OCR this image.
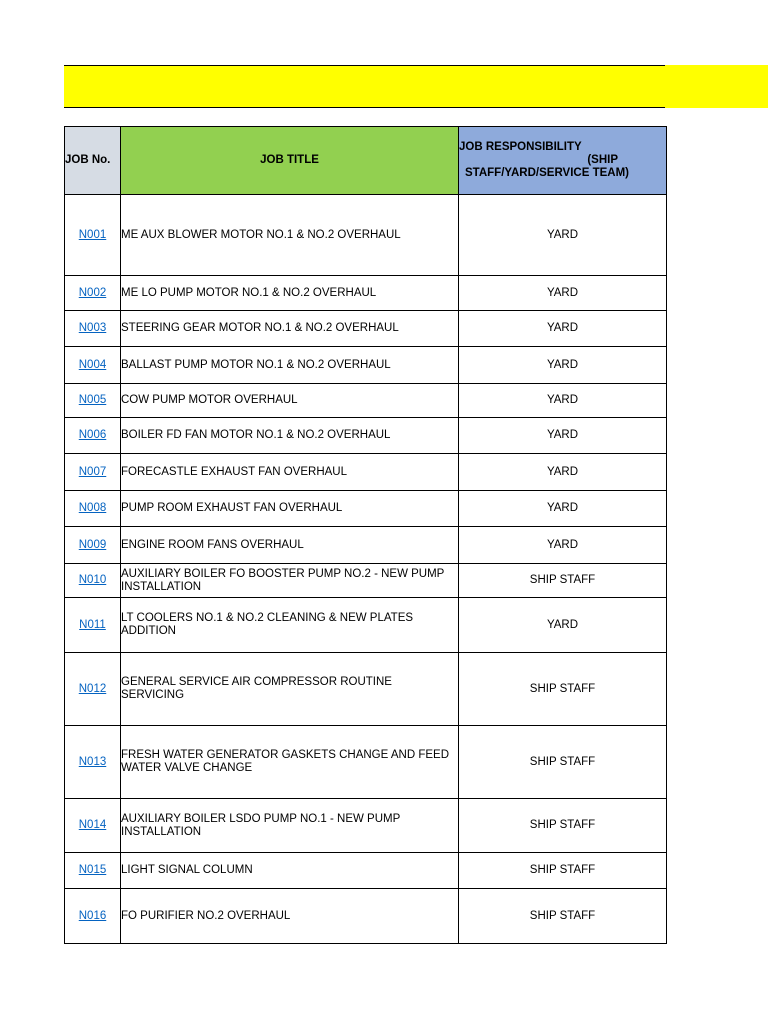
JOB No.	JOB TITLE	JOB RESPONSIBILITY
(SHIP
STAFF/YARD/SERVICE TEAM)

N001	ME AUX BLOWER MOTOR NO.1 & NO.2 OVERHAUL	YARD
N002	ME LO PUMP MOTOR NO.1 & NO.2 OVERHAUL	YARD
N003	STEERING GEAR MOTOR NO.1 & NO.2 OVERHAUL	YARD
N004	BALLAST PUMP MOTOR NO.1 & NO.2 OVERHAUL	YARD
N005	COW PUMP MOTOR OVERHAUL	YARD
N006	BOILER FD FAN MOTOR NO.1 & NO.2 OVERHAUL	YARD
N007	FORECASTLE EXHAUST FAN OVERHAUL	YARD
N008	PUMP ROOM EXHAUST FAN OVERHAUL	YARD
N009	ENGINE ROOM FANS OVERHAUL	YARD
N010	AUXILIARY BOILER FO BOOSTER PUMP NO.2 - NEW PUMP INSTALLATION	SHIP STAFF
N011	LT COOLERS NO.1 & NO.2 CLEANING & NEW PLATES ADDITION	YARD
N012	GENERAL SERVICE AIR COMPRESSOR ROUTINE SERVICING	SHIP STAFF
N013	FRESH WATER GENERATOR GASKETS CHANGE AND FEED WATER VALVE CHANGE	SHIP STAFF
N014	AUXILIARY BOILER LSDO PUMP NO.1 - NEW PUMP INSTALLATION	SHIP STAFF
N015	LIGHT SIGNAL COLUMN	SHIP STAFF
N016	FO PURIFIER NO.2 OVERHAUL	SHIP STAFF
